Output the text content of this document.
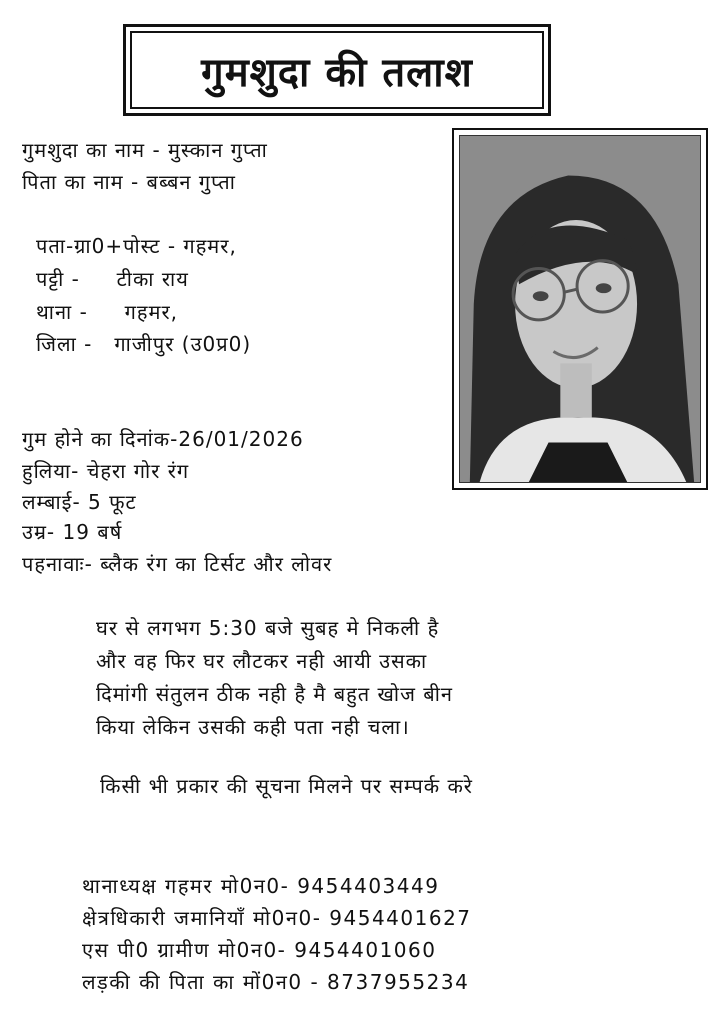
गुमशुदा की तलाश
गुमशुदा का नाम - मुस्कान गुप्ता
पिता का नाम - बब्बन गुप्ता
पता-ग्रा0+पोस्ट - गहमर,
पट्टी -     टीका राय
थाना -     गहमर,
जिला -   गाजीपुर (उ0प्र0)
गुम होने का दिनांक-26/01/2026
हुलिया- चेहरा गोर रंग
लम्बाई- 5 फूट
उम्र- 19 बर्ष
पहनावाः- ब्लैक रंग का टिर्सट और लोवर
घर से लगभग 5:30 बजे सुबह मे निकली है
और वह फिर घर लौटकर नही आयी उसका
दिमांगी संतुलन ठीक नही है मै बहुत खोज बीन
किया लेकिन उसकी कही पता नही चला।
किसी भी प्रकार की सूचना मिलने पर सम्पर्क करे
थानाध्यक्ष गहमर मो0न0- 9454403449
क्षेत्रधिकारी जमानियाँ मो0न0- 9454401627
एस पी0 ग्रामीण मो0न0- 9454401060
लड़की की पिता का मों0न0 - 8737955234
